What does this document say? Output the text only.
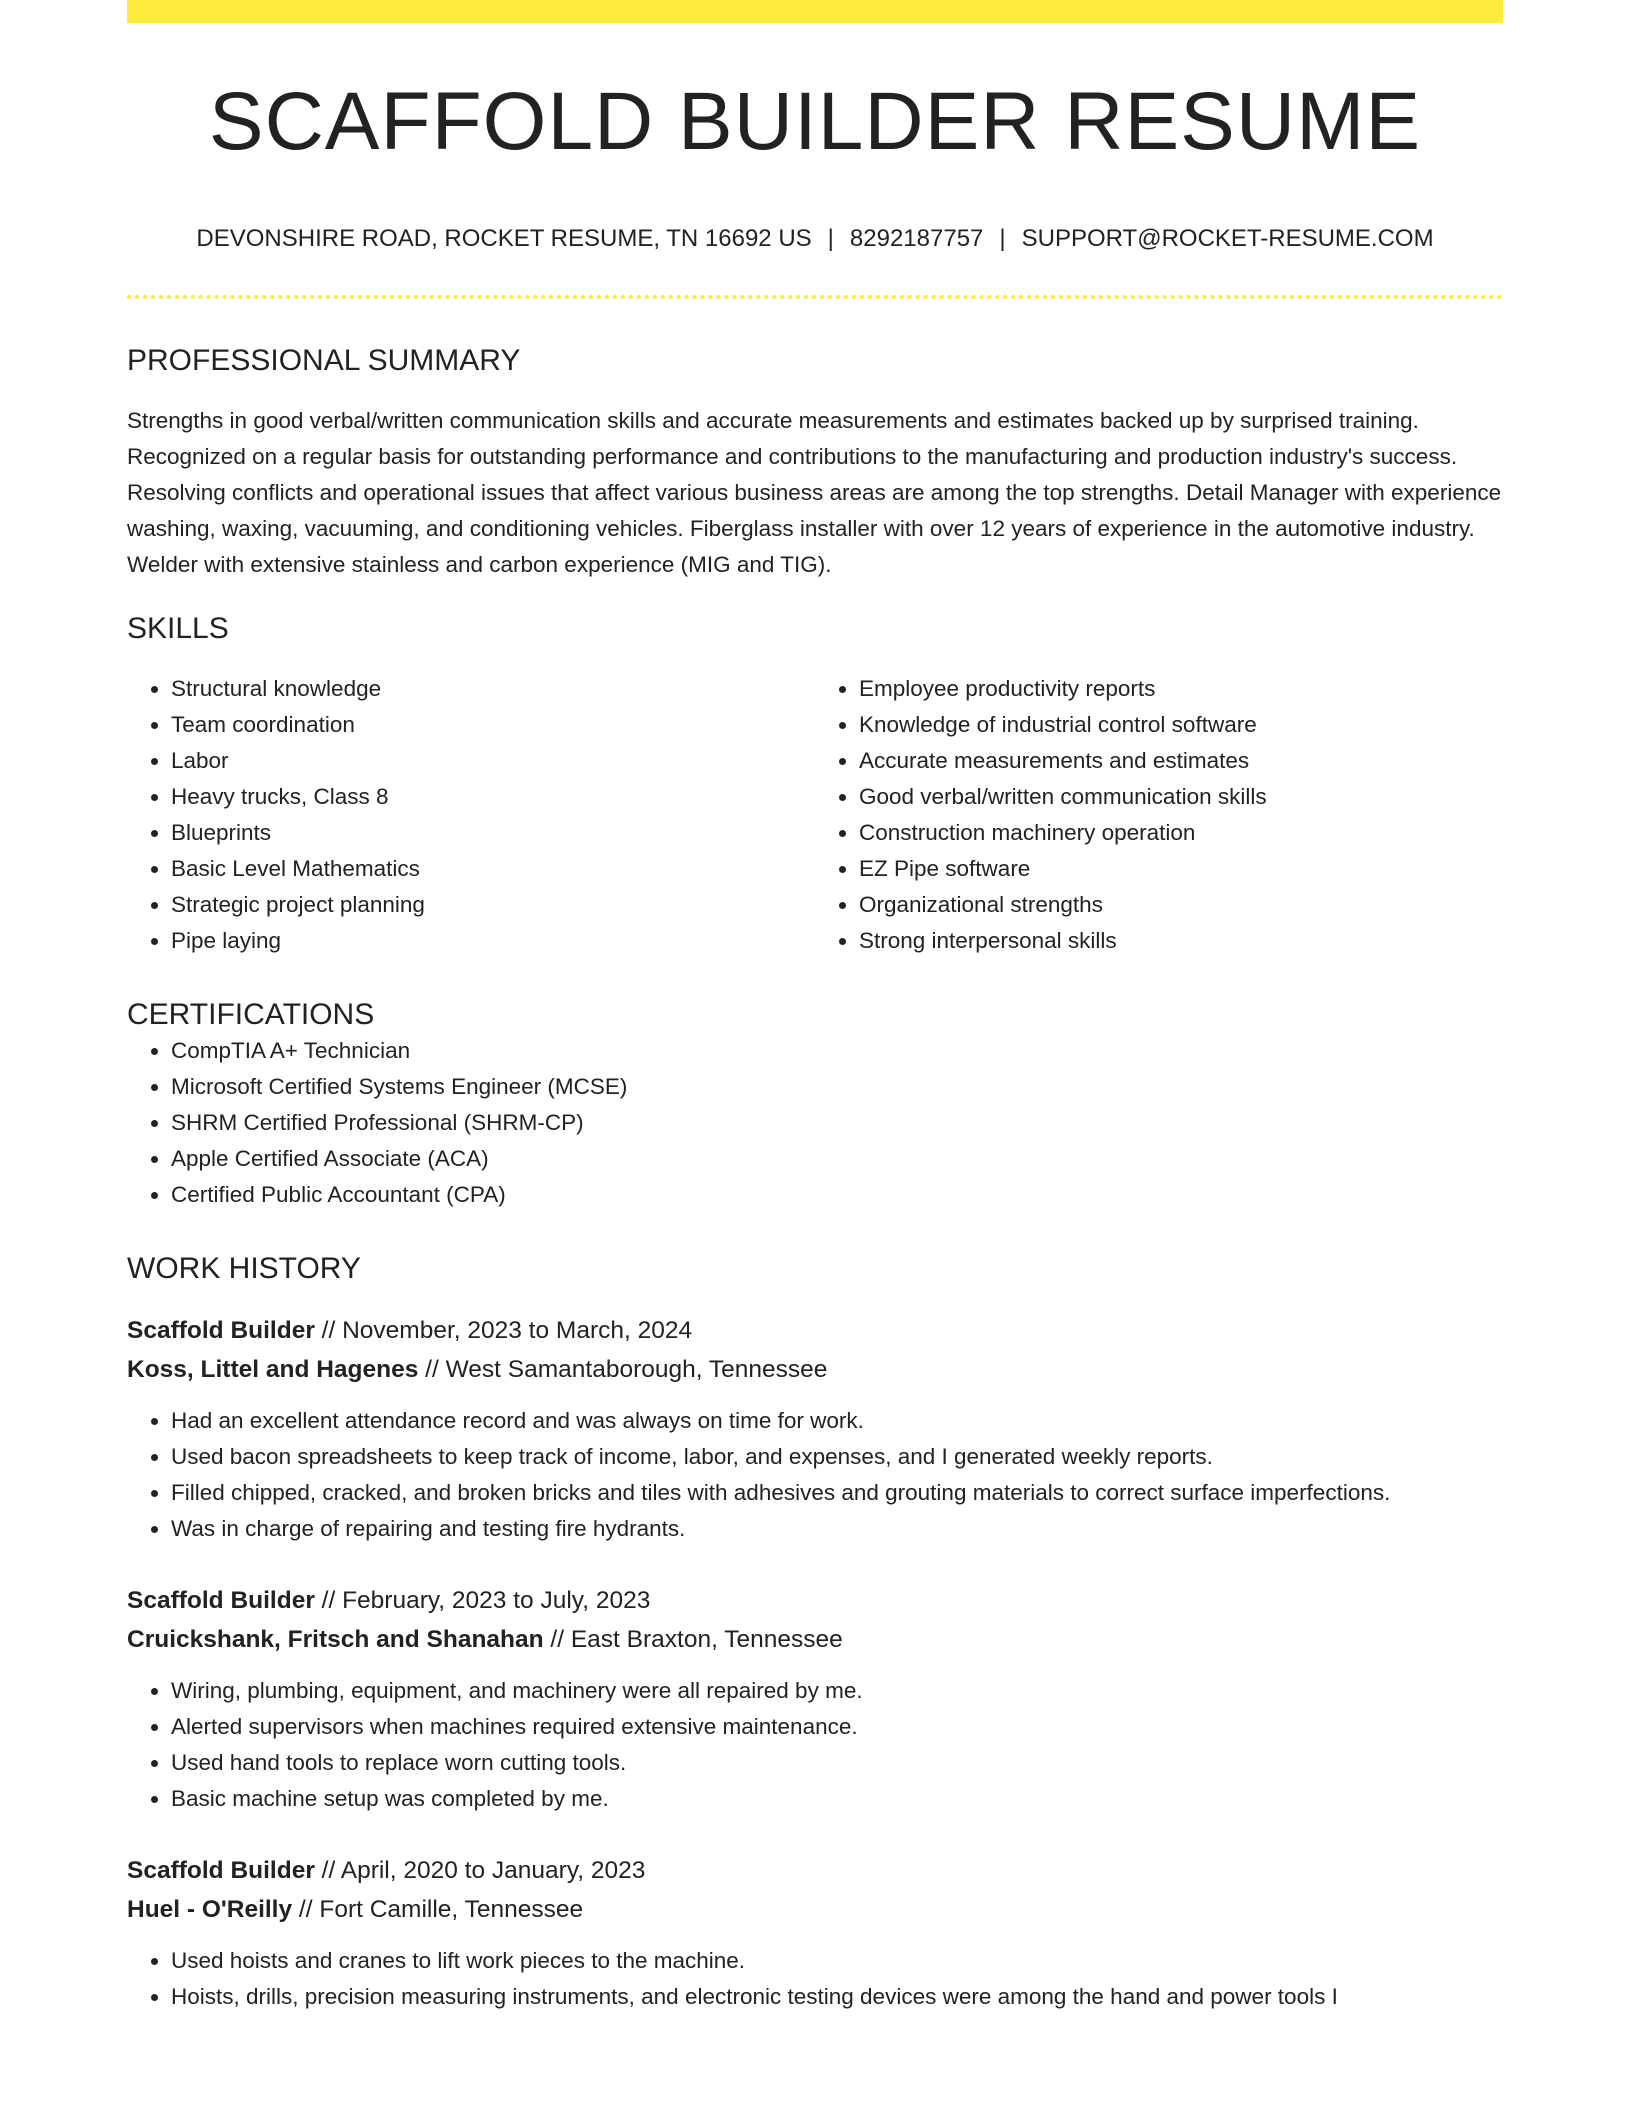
SCAFFOLD BUILDER RESUME
DEVONSHIRE ROAD, ROCKET RESUME, TN 16692 US | 8292187757 | SUPPORT@ROCKET-RESUME.COM
PROFESSIONAL SUMMARY

Strengths in good verbal/written communication skills and accurate measurements and estimates backed up by surprised training. Recognized on a regular basis for outstanding performance and contributions to the manufacturing and production industry's success. Resolving conflicts and operational issues that affect various business areas are among the top strengths. Detail Manager with experience washing, waxing, vacuuming, and conditioning vehicles. Fiberglass installer with over 12 years of experience in the automotive industry. Welder with extensive stainless and carbon experience (MIG and TIG).

SKILLS
• Structural knowledge
• Team coordination
• Labor
• Heavy trucks, Class 8
• Blueprints
• Basic Level Mathematics
• Strategic project planning
• Pipe laying
• Employee productivity reports
• Knowledge of industrial control software
• Accurate measurements and estimates
• Good verbal/written communication skills
• Construction machinery operation
• EZ Pipe software
• Organizational strengths
• Strong interpersonal skills
CERTIFICATIONS
• CompTIA A+ Technician
• Microsoft Certified Systems Engineer (MCSE)
• SHRM Certified Professional (SHRM-CP)
• Apple Certified Associate (ACA)
• Certified Public Accountant (CPA)
WORK HISTORY
Scaffold Builder // November, 2023 to March, 2024
Koss, Littel and Hagenes // West Samantaborough, Tennessee
• Had an excellent attendance record and was always on time for work.
• Used bacon spreadsheets to keep track of income, labor, and expenses, and I generated weekly reports.
• Filled chipped, cracked, and broken bricks and tiles with adhesives and grouting materials to correct surface imperfections.
• Was in charge of repairing and testing fire hydrants.
Scaffold Builder // February, 2023 to July, 2023
Cruickshank, Fritsch and Shanahan // East Braxton, Tennessee
• Wiring, plumbing, equipment, and machinery were all repaired by me.
• Alerted supervisors when machines required extensive maintenance.
• Used hand tools to replace worn cutting tools.
• Basic machine setup was completed by me.
Scaffold Builder // April, 2020 to January, 2023
Huel - O'Reilly // Fort Camille, Tennessee
• Used hoists and cranes to lift work pieces to the machine.
• Hoists, drills, precision measuring instruments, and electronic testing devices were among the hand and power tools I
